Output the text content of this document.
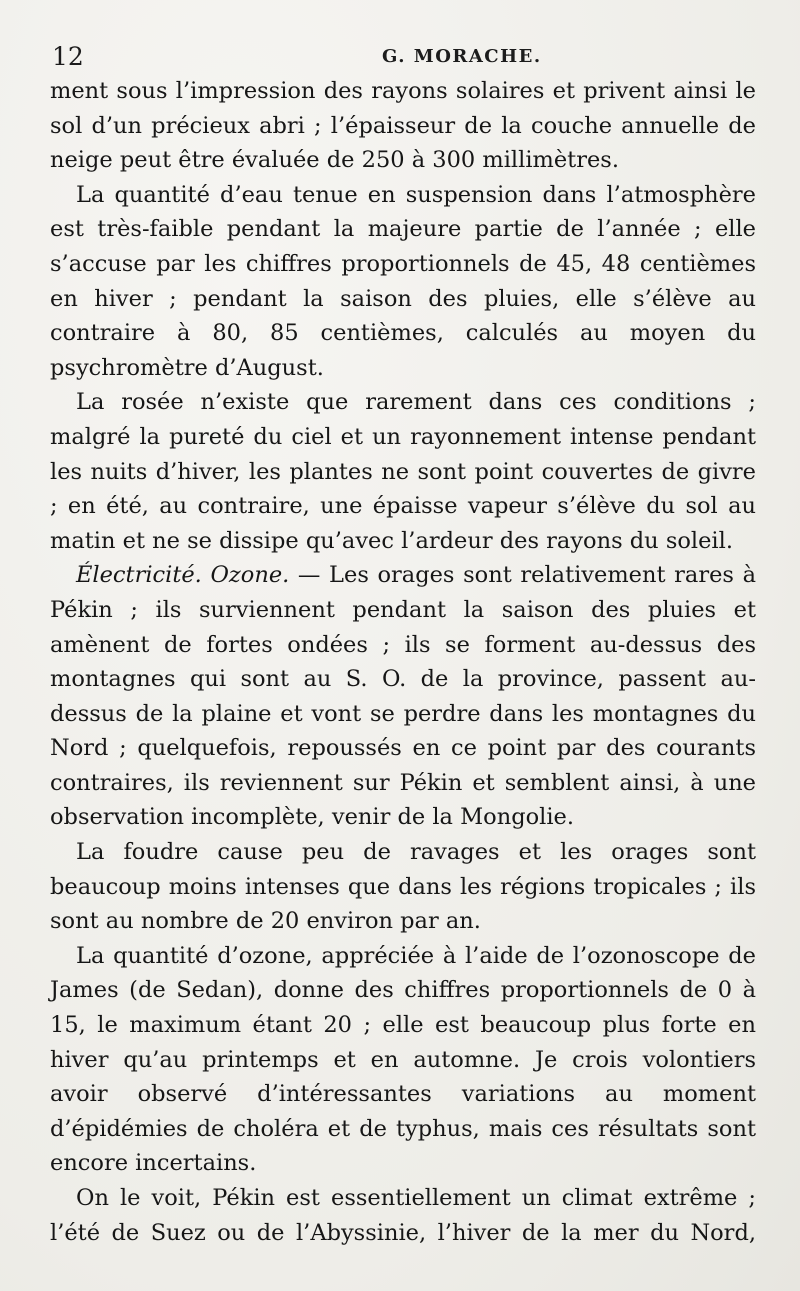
12	G. MORACHE.

ment sous l’impression des rayons solaires et privent ainsi le sol d’un précieux abri ; l’épaisseur de la couche annuelle de neige peut être évaluée de 250 à 300 millimètres.

La quantité d’eau tenue en suspension dans l’atmosphère est très-faible pendant la majeure partie de l’année ; elle s’accuse par les chiffres proportionnels de 45, 48 centièmes en hiver ; pendant la saison des pluies, elle s’élève au contraire à 80, 85 centièmes, calculés au moyen du psychromètre d’August.

La rosée n’existe que rarement dans ces conditions ; malgré la pureté du ciel et un rayonnement intense pendant les nuits d’hiver, les plantes ne sont point couvertes de givre ; en été, au contraire, une épaisse vapeur s’élève du sol au matin et ne se dissipe qu’avec l’ardeur des rayons du soleil.

Électricité. Ozone. — Les orages sont relativement rares à Pékin ; ils surviennent pendant la saison des pluies et amènent de fortes ondées ; ils se forment au-dessus des montagnes qui sont au S. O. de la province, passent au-dessus de la plaine et vont se perdre dans les montagnes du Nord ; quelquefois, repoussés en ce point par des courants contraires, ils reviennent sur Pékin et semblent ainsi, à une observation incomplète, venir de la Mongolie.

La foudre cause peu de ravages et les orages sont beaucoup moins intenses que dans les régions tropicales ; ils sont au nombre de 20 environ par an.

La quantité d’ozone, appréciée à l’aide de l’ozonoscope de James (de Sedan), donne des chiffres proportionnels de 0 à 15, le maximum étant 20 ; elle est beaucoup plus forte en hiver qu’au printemps et en automne. Je crois volontiers avoir observé d’intéressantes variations au moment d’épidémies de choléra et de typhus, mais ces résultats sont encore incertains.

On le voit, Pékin est essentiellement un climat extrême ; l’été de Suez ou de l’Abyssinie, l’hiver de la mer du Nord,
